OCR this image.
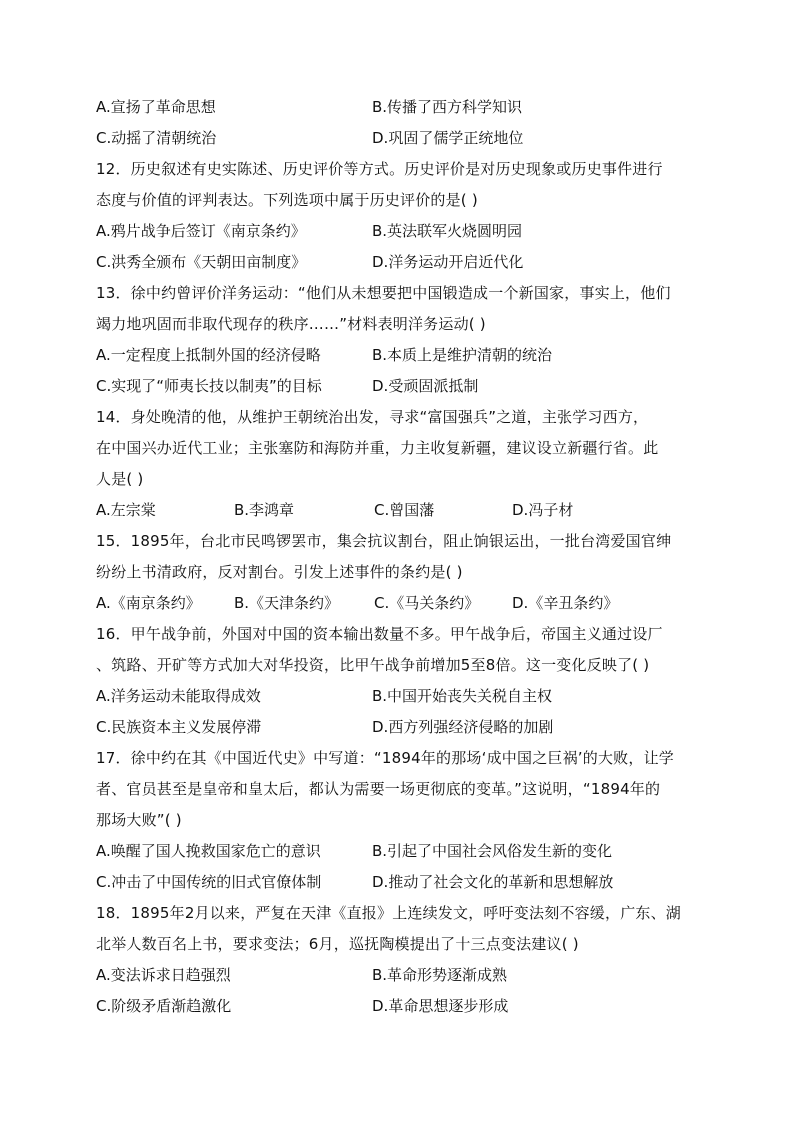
A.宣扬了革命思想	B.传播了西方科学知识
C.动摇了清朝统治	D.巩固了儒学正统地位
12．历史叙述有史实陈述、历史评价等方式。历史评价是对历史现象或历史事件进行
态度与价值的评判表达。下列选项中属于历史评价的是( )
A.鸦片战争后签订《南京条约》	B.英法联军火烧圆明园
C.洪秀全颁布《天朝田亩制度》	D.洋务运动开启近代化
13．徐中约曾评价洋务运动：“他们从未想要把中国锻造成一个新国家，事实上，他们
竭力地巩固而非取代现存的秩序……”材料表明洋务运动( )
A.一定程度上抵制外国的经济侵略	B.本质上是维护清朝的统治
C.实现了“师夷长技以制夷”的目标	D.受顽固派抵制
14．身处晚清的他，从维护王朝统治出发，寻求“富国强兵”之道，主张学习西方，
在中国兴办近代工业；主张塞防和海防并重，力主收复新疆，建议设立新疆行省。此
人是( )
A.左宗棠	B.李鸿章	C.曾国藩	D.冯子材
15．1895年，台北市民鸣锣罢市，集会抗议割台，阻止饷银运出，一批台湾爱国官绅
纷纷上书清政府，反对割台。引发上述事件的条约是( )
A.《南京条约》	B.《天津条约》	C.《马关条约》	D.《辛丑条约》
16．甲午战争前，外国对中国的资本输出数量不多。甲午战争后，帝国主义通过设厂
、筑路、开矿等方式加大对华投资，比甲午战争前增加5至8倍。这一变化反映了( )
A.洋务运动未能取得成效	B.中国开始丧失关税自主权
C.民族资本主义发展停滞	D.西方列强经济侵略的加剧
17．徐中约在其《中国近代史》中写道：“1894年的那场‘成中国之巨祸’的大败，让学
者、官员甚至是皇帝和皇太后，都认为需要一场更彻底的变革。”这说明，“1894年的
那场大败”( )
A.唤醒了国人挽救国家危亡的意识	B.引起了中国社会风俗发生新的变化
C.冲击了中国传统的旧式官僚体制	D.推动了社会文化的革新和思想解放
18．1895年2月以来，严复在天津《直报》上连续发文，呼吁变法刻不容缓，广东、湖
北举人数百名上书，要求变法；6月，巡抚陶模提出了十三点变法建议( )
A.变法诉求日趋强烈	B.革命形势逐渐成熟
C.阶级矛盾渐趋激化	D.革命思想逐步形成
